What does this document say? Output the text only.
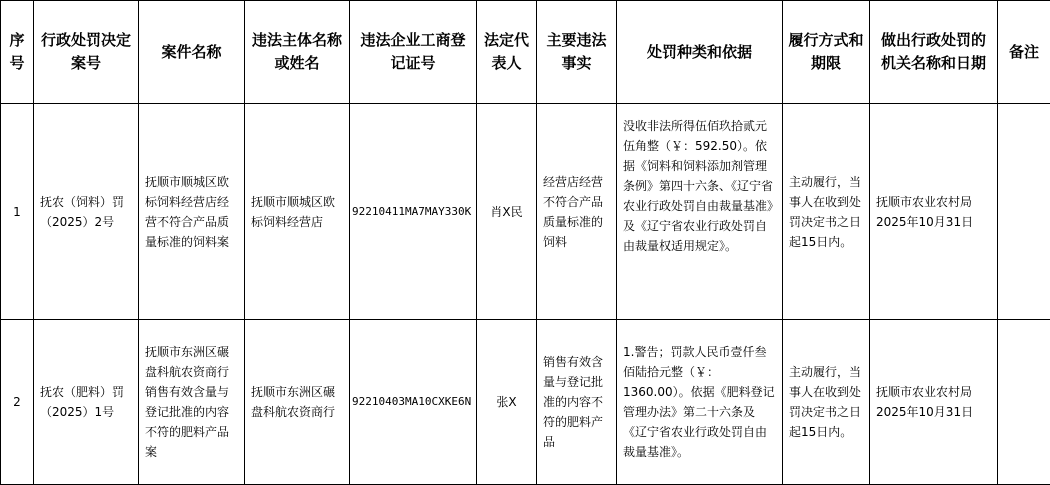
序号	行政处罚决定案号	案件名称	违法主体名称或姓名	违法企业工商登记证号	法定代表人	主要违法事实	处罚种类和依据	履行方式和期限	做出行政处罚的机关名称和日期	备注
1	抚农（饲料）罚（2025）2号	抚顺市顺城区欧标饲料经营店经营不符合产品质量标准的饲料案	抚顺市顺城区欧标饲料经营店	92210411MA7MAY330K	肖X民	经营店经营不符合产品质量标准的饲料	没收非法所得伍佰玖拾贰元伍角整（￥：592.50）。依据《饲料和饲料添加剂管理条例》第四十六条、《辽宁省农业行政处罚自由裁量基准》及《辽宁省农业行政处罚自由裁量权适用规定》。	主动履行，当事人在收到处罚决定书之日起15日内。	抚顺市农业农村局2025年10月31日	
2	抚农（肥料）罚（2025）1号	抚顺市东洲区碾盘科航农资商行销售有效含量与登记批准的内容不符的肥料产品案	抚顺市东洲区碾盘科航农资商行	92210403MA10CXKE6N	张X	销售有效含量与登记批准的内容不符的肥料产品	1.警告；罚款人民币壹仟叁佰陆拾元整（￥：1360.00）。依据《肥料登记管理办法》第二十六条及《辽宁省农业行政处罚自由裁量基准》。	主动履行，当事人在收到处罚决定书之日起15日内。	抚顺市农业农村局2025年10月31日	
